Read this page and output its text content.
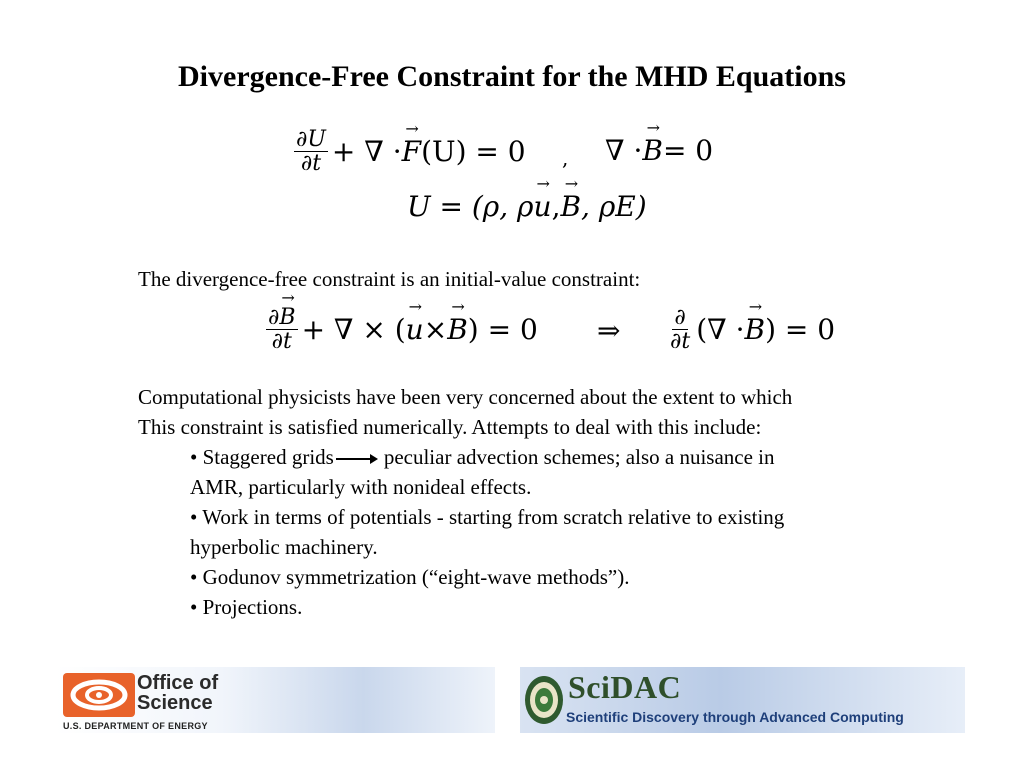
Divergence-Free Constraint for the MHD Equations
$\frac{\partial U}{\partial t}$ + ∇ · → F (U) = 0 , ∇ · → B = 0
U = (ρ, ρ → u , → B , ρE)
The divergence-free constraint is an initial-value constraint:
$\frac{\partial\to B}{\partial t}$ + ∇ × ( → u × → B ) = 0 ⇒ $\frac{\partial}{\partial t}$ (∇ · → B ) = 0
Computational physicists have been very concerned about the extent to which
This constraint is satisfied numerically. Attempts to deal with this include:
• Staggered grids peculiar advection schemes; also a nuisance in
AMR, particularly with nonideal effects.
• Work in terms of potentials - starting from scratch relative to existing
hyperbolic machinery.
• Godunov symmetrization (“eight-wave methods”).
• Projections.
Office of
Science
U.S. DEPARTMENT OF ENERGY
SciDAC
Scientific Discovery through Advanced Computing
